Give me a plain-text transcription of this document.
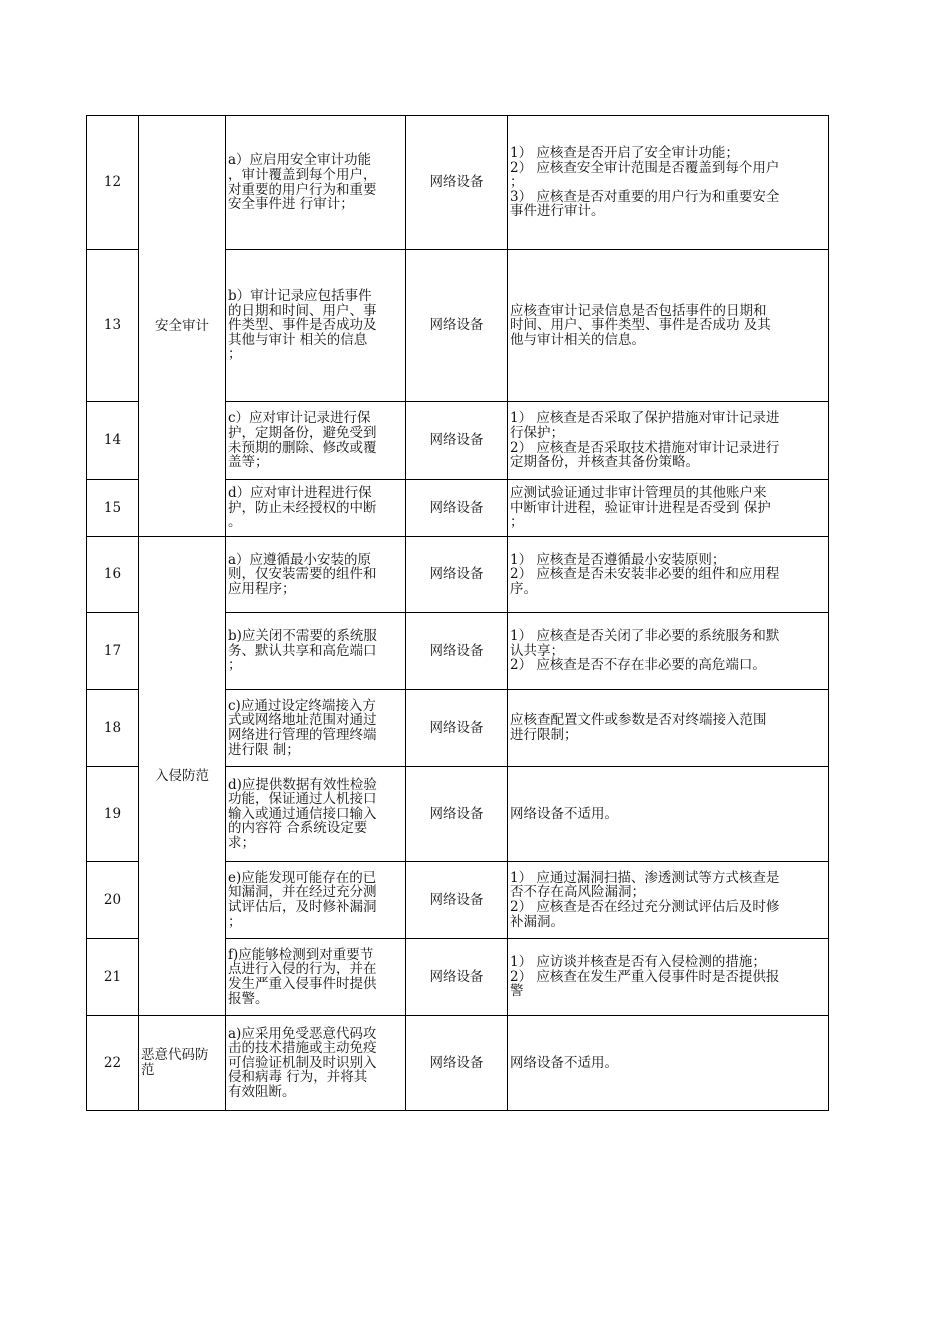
12	安全审计	a）应启用安全审计功能
，审计覆盖到每个用户，
对重要的用户行为和重要
安全事件进 行审计；	网络设备	1） 应核查是否开启了安全审计功能；
2） 应核查安全审计范围是否覆盖到每个用户
；
3） 应核查是否对重要的用户行为和重要安全
事件进行审计。
13		b）审计记录应包括事件
的日期和时间、用户、事
件类型、事件是否成功及
其他与审计 相关的信息
；	网络设备	应核查审计记录信息是否包括事件的日期和
时间、用户、事件类型、事件是否成功 及其
他与审计相关的信息。
14		c）应对审计记录进行保
护，定期备份，避免受到
未预期的删除、修改或覆
盖等；	网络设备	1） 应核查是否采取了保护措施对审计记录进
行保护；
2） 应核查是否采取技术措施对审计记录进行
定期备份，并核查其备份策略。
15		d）应对审计进程进行保
护，防止未经授权的中断
。	网络设备	应测试验证通过非审计管理员的其他账户来
中断审计进程，验证审计进程是否受到 保护
；
16	入侵防范	a）应遵循最小安装的原
则，仅安装需要的组件和
应用程序；	网络设备	1） 应核查是否遵循最小安装原则；
2） 应核查是否未安装非必要的组件和应用程
序。
17		b)应关闭不需要的系统服
务、默认共享和高危端口
；	网络设备	1） 应核查是否关闭了非必要的系统服务和默
认共享；
2） 应核查是否不存在非必要的高危端口。
18		c)应通过设定终端接入方
式或网络地址范围对通过
网络进行管理的管理终端
进行限 制；	网络设备	应核查配置文件或参数是否对终端接入范围
进行限制；
19		d)应提供数据有效性检验
功能，保证通过人机接口
输入或通过通信接口输入
的内容符 合系统设定要
求；	网络设备	网络设备不适用。
20		e)应能发现可能存在的已
知漏洞，并在经过充分测
试评估后，及时修补漏洞
；	网络设备	1） 应通过漏洞扫描、渗透测试等方式核查是
否不存在高风险漏洞；
2） 应核查是否在经过充分测试评估后及时修
补漏洞。
21		f)应能够检测到对重要节
点进行入侵的行为，并在
发生严重入侵事件时提供
报警。	网络设备	1） 应访谈并核查是否有入侵检测的措施；
2） 应核查在发生严重入侵事件时是否提供报
警
22	恶意代码防
范	a)应采用免受恶意代码攻
击的技术措施或主动免疫
可信验证机制及时识别入
侵和病毒 行为，并将其
有效阻断。	网络设备	网络设备不适用。
